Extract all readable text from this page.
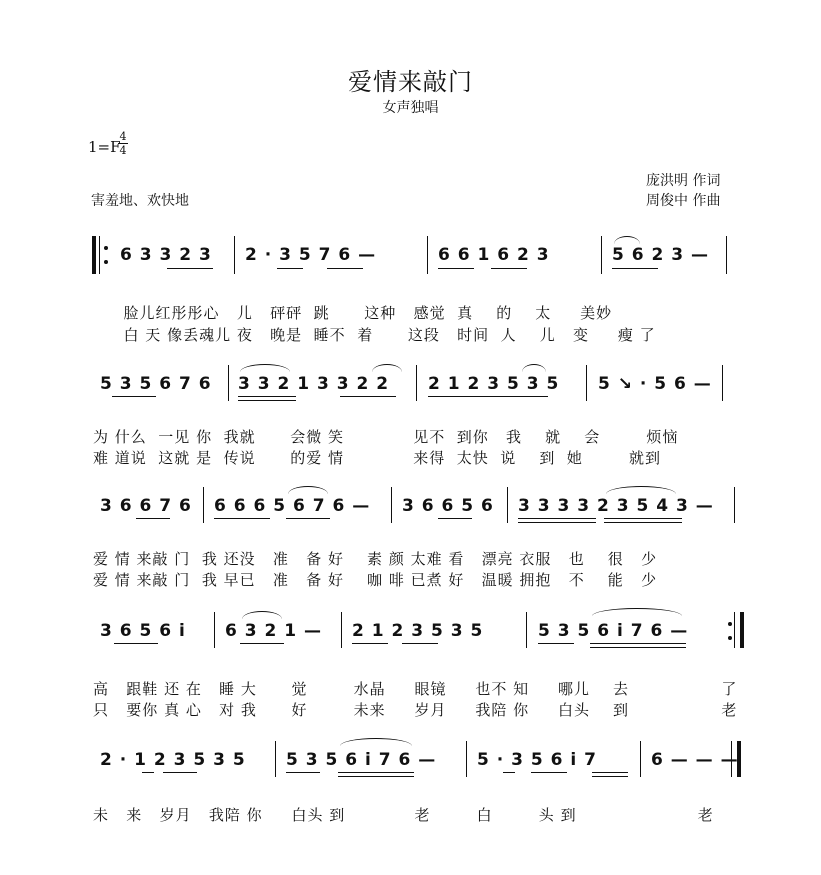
爱情来敲门
女声独唱
1=F
4
4
庞洪明 作词
周俊中 作曲
害羞地、欢快地
6 3 3 2 3 2 · 3 5 7 6 —	6 6 1 6 2 3	5 6 2 3 —
脸儿红彤彤心   儿   砰砰  跳      这种   感觉  真    的    太     美妙
白 天 像丢魂儿 夜   晚是  睡不  着      这段   时间  人    儿   变     瘦 了
5 3 5 6 7 6 3 3 2 1 3 3 2 2 2 1 2 3 5 3 5 5 ↘ · 5 6 —
为 什么  一见 你  我就      会微 笑            见不  到你   我    就    会        烦恼
难 道说  这就 是  传说      的爱 情            来得  太快  说    到  她        就到
3 6 6 7 6 6 6 6 5 6 7 6 — 3 6 6 5 6 3 3 3 3 2 3 5 4 3 —
爱 情 来敲 门  我 还没   准   备 好    素 颜 太难 看   漂亮 衣服   也    很   少
爱 情 来敲 门  我 早已   准   备 好    咖 啡 已煮 好   温暖 拥抱   不    能   少
3 6 5 6 i 6 3 2 1 — 2 1 2 3 5 3 5	5 3 5 6 i 7 6 —
高   跟鞋 还 在   睡 大      觉        水晶     眼镜     也不 知     哪儿    去                了
只   要你 真 心   对 我      好        未来     岁月     我陪 你     白头    到                老
2 · 1 2 3 5 3 5 5 3 5 6 i 7 6 — 5 · 3 5 6 i 7	6 — — —
未   来   岁月   我陪 你     白头 到            老        白        头 到                     老
